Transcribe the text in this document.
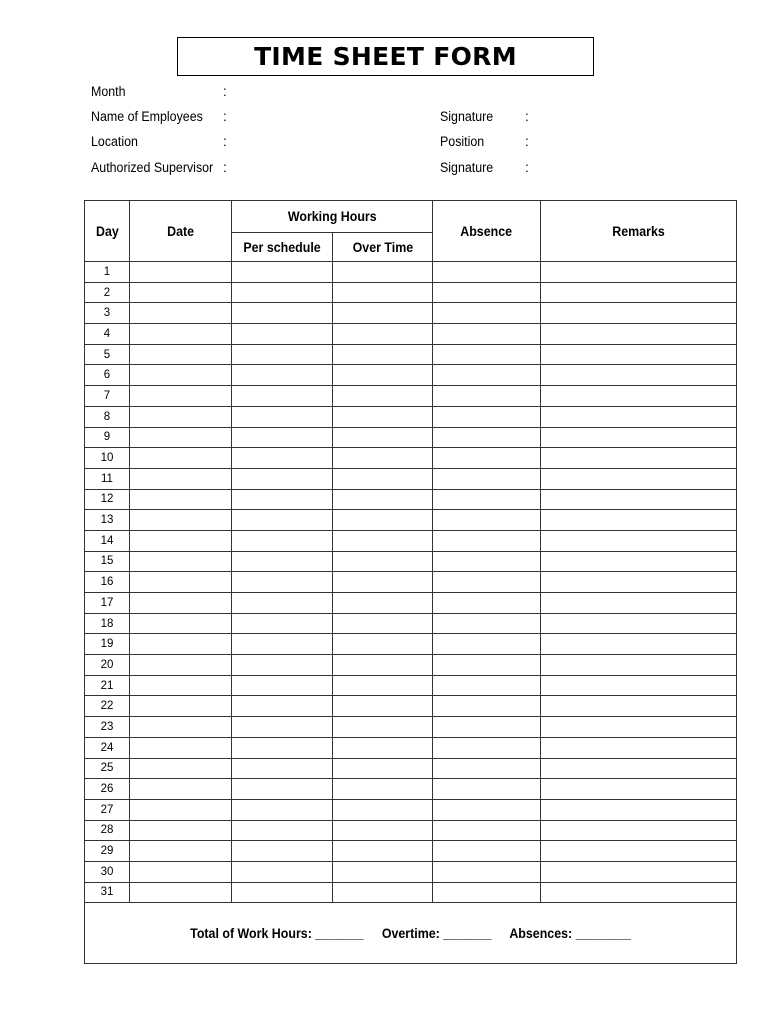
TIME SHEET FORM
Month	:
Name of Employees :
Location	:
Authorized Supervisor :
Signature :
Position	:
Signature :
Day	Date	Working Hours		Absence	Remarks
		Per schedule	Over Time		
1					
2					
3					
4					
5					
6					
7					
8					
9					
10					
11					
12					
13					
14					
15					
16					
17					
18					
19					
20					
21					
22					
23					
24					
25					
26					
27					
28					
29					
30					
31					
Total of Work Hours: _______ Overtime: _______ Absences: ________					
